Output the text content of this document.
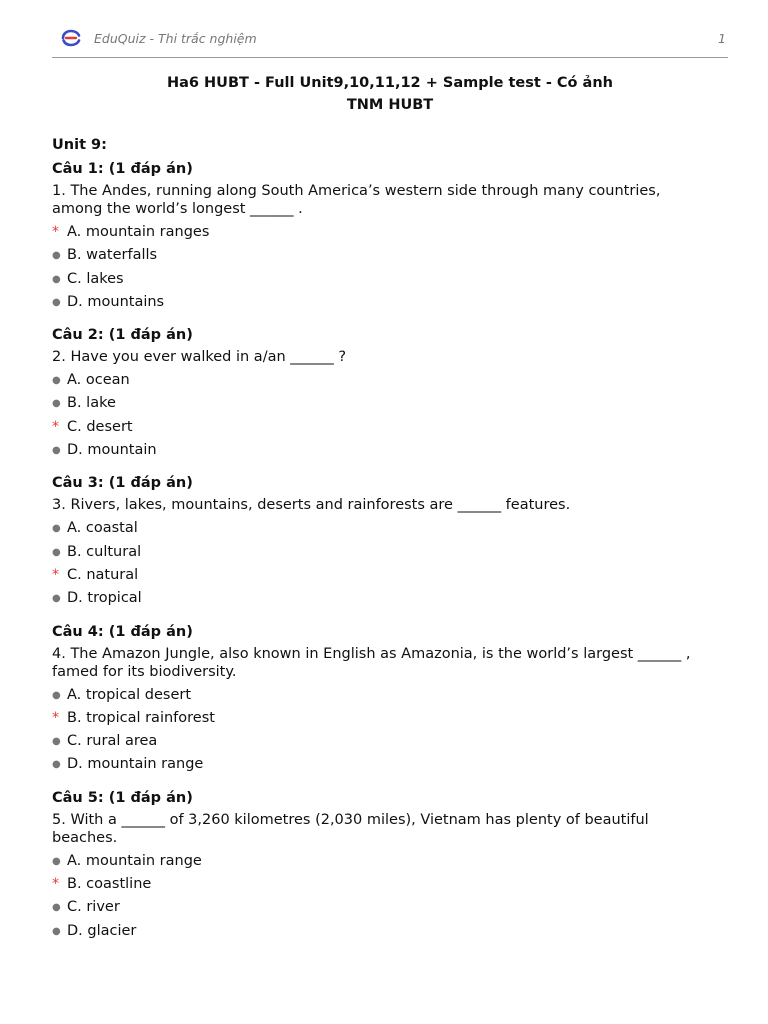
EduQuiz - Thi trắc nghiệm	1
Ha6 HUBT - Full Unit9,10,11,12 + Sample test - Có ảnh
TNM HUBT
Unit 9:
Câu 1: (1 đáp án)
1. The Andes, running along South America’s western side through many countries, among the world’s longest ______ .
* A. mountain ranges
● B. waterfalls
● C. lakes
● D. mountains
Câu 2: (1 đáp án)
2. Have you ever walked in a/an ______ ?
● A. ocean
● B. lake
* C. desert
● D. mountain
Câu 3: (1 đáp án)
3. Rivers, lakes, mountains, deserts and rainforests are ______ features.
● A. coastal
● B. cultural
* C. natural
● D. tropical
Câu 4: (1 đáp án)
4. The Amazon Jungle, also known in English as Amazonia, is the world’s largest ______ , famed for its biodiversity.
● A. tropical desert
* B. tropical rainforest
● C. rural area
● D. mountain range
Câu 5: (1 đáp án)
5. With a ______ of 3,260 kilometres (2,030 miles), Vietnam has plenty of beautiful beaches.
● A. mountain range
* B. coastline
● C. river
● D. glacier
